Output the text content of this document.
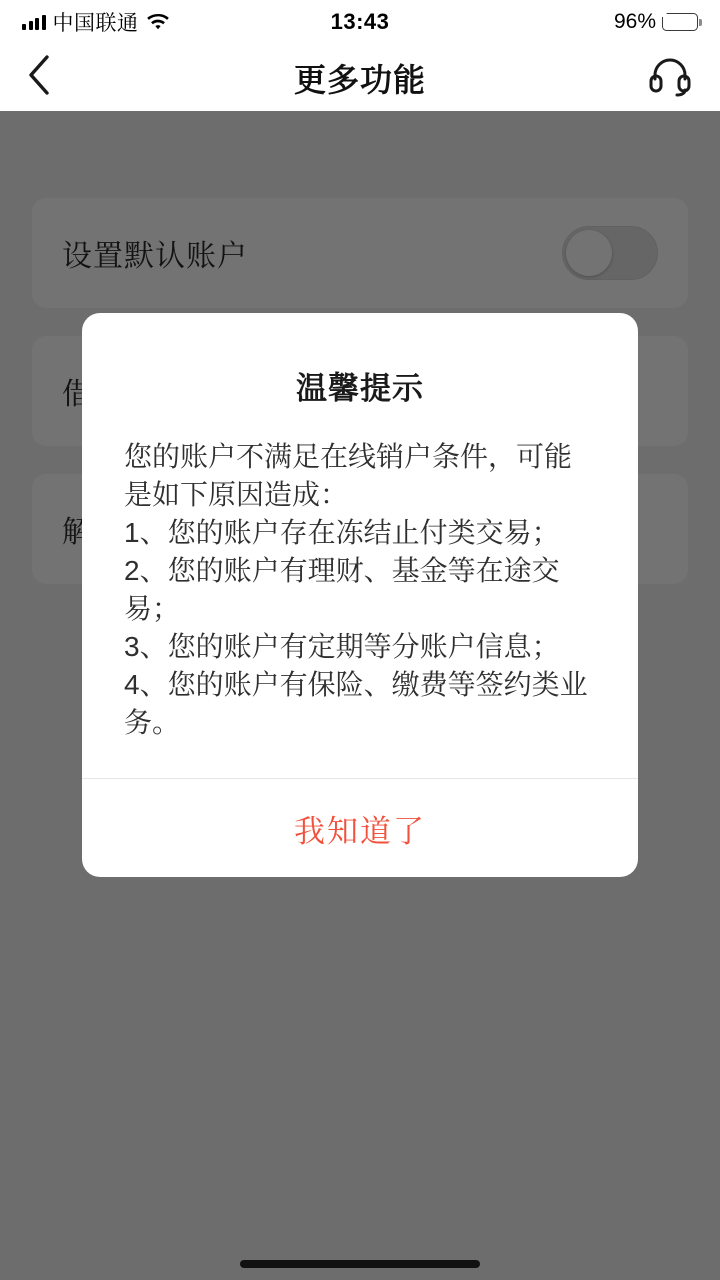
中国联通	13:43	96%
更多功能
温馨提示

您的账户不满足在线销户条件，可能是如下原因造成：

1、您的账户存在冻结止付类交易；

2、您的账户有理财、基金等在途交易；

3、您的账户有定期等分账户信息；

4、您的账户有保险、缴费等签约类业务。

我知道了
